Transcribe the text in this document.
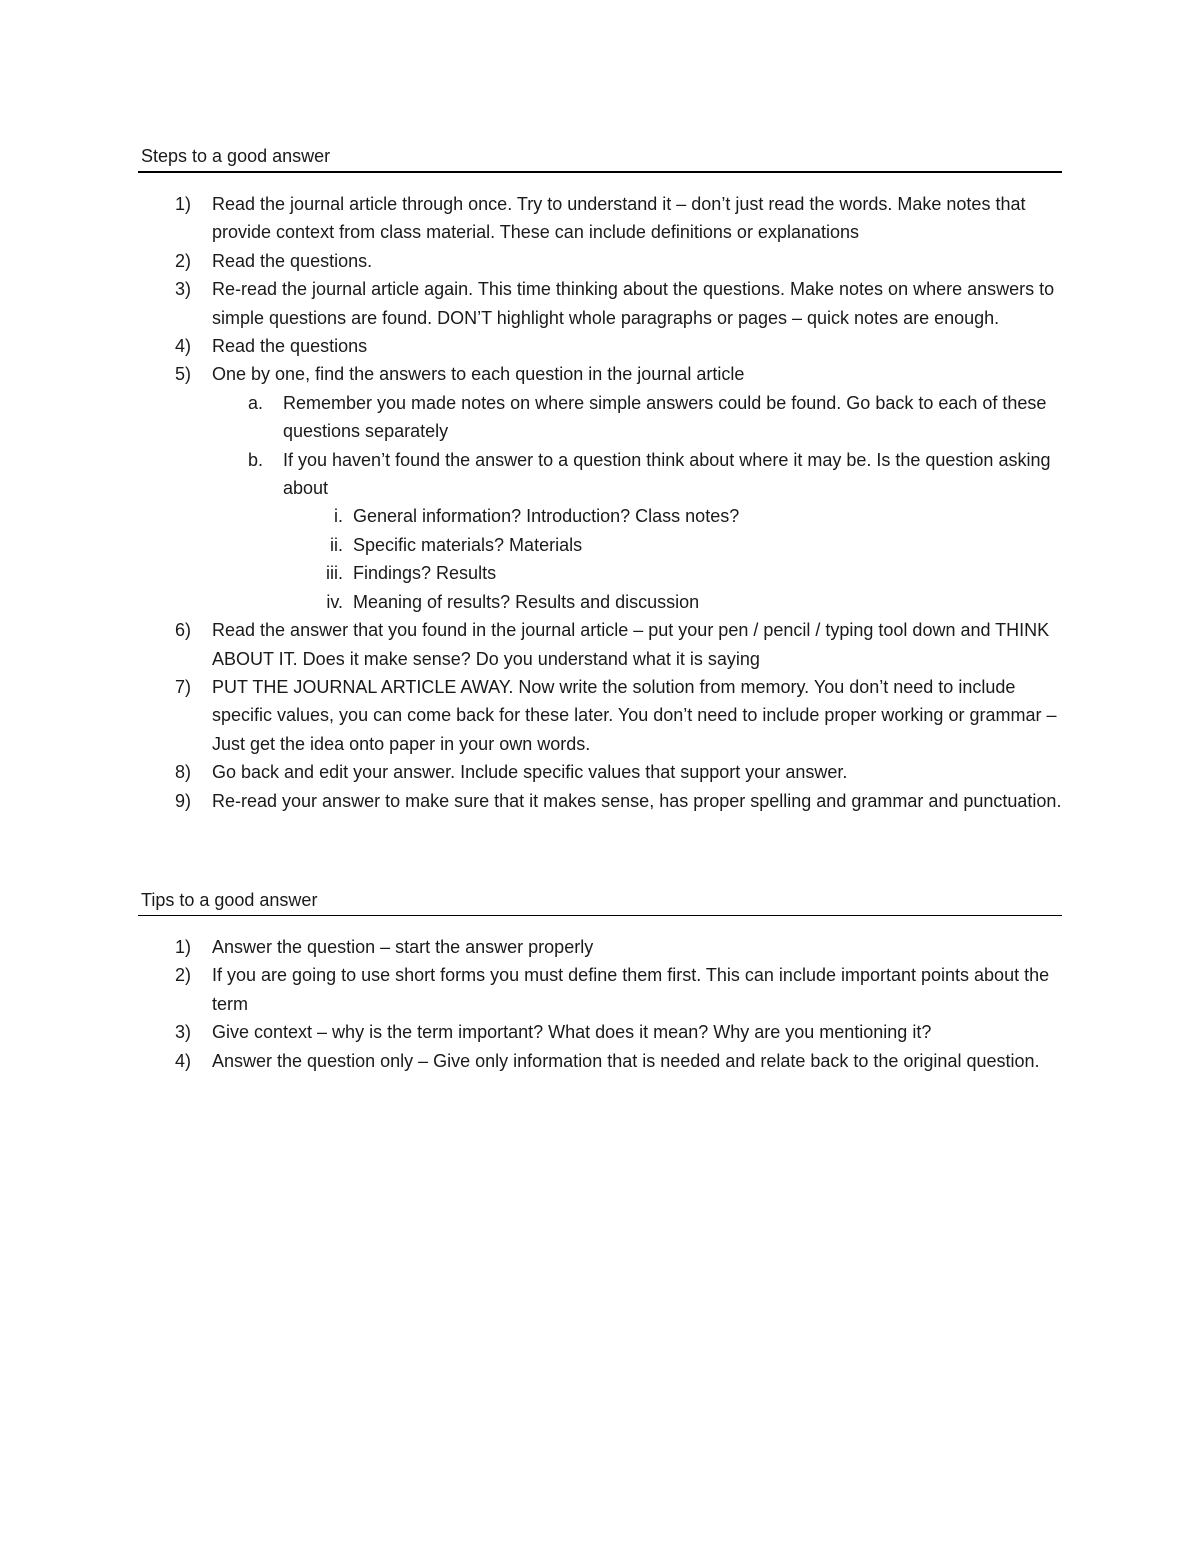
Steps to a good answer
1) Read the journal article through once. Try to understand it – don’t just read the words. Make notes that provide context from class material. These can include definitions or explanations
2) Read the questions.
3) Re-read the journal article again. This time thinking about the questions. Make notes on where answers to simple questions are found. DON’T highlight whole paragraphs or pages – quick notes are enough.
4) Read the questions
5) One by one, find the answers to each question in the journal article
a. Remember you made notes on where simple answers could be found. Go back to each of these questions separately
b. If you haven’t found the answer to a question think about where it may be. Is the question asking about
i. General information? Introduction? Class notes?
ii. Specific materials? Materials
iii. Findings? Results
iv. Meaning of results? Results and discussion
6) Read the answer that you found in the journal article – put your pen / pencil / typing tool down and THINK ABOUT IT. Does it make sense? Do you understand what it is saying
7) PUT THE JOURNAL ARTICLE AWAY. Now write the solution from memory. You don’t need to include specific values, you can come back for these later. You don’t need to include proper working or grammar – Just get the idea onto paper in your own words.
8) Go back and edit your answer. Include specific values that support your answer.
9) Re-read your answer to make sure that it makes sense, has proper spelling and grammar and punctuation.
Tips to a good answer
1) Answer the question – start the answer properly
2) If you are going to use short forms you must define them first. This can include important points about the term
3) Give context – why is the term important? What does it mean? Why are you mentioning it?
4) Answer the question only – Give only information that is needed and relate back to the original question.
